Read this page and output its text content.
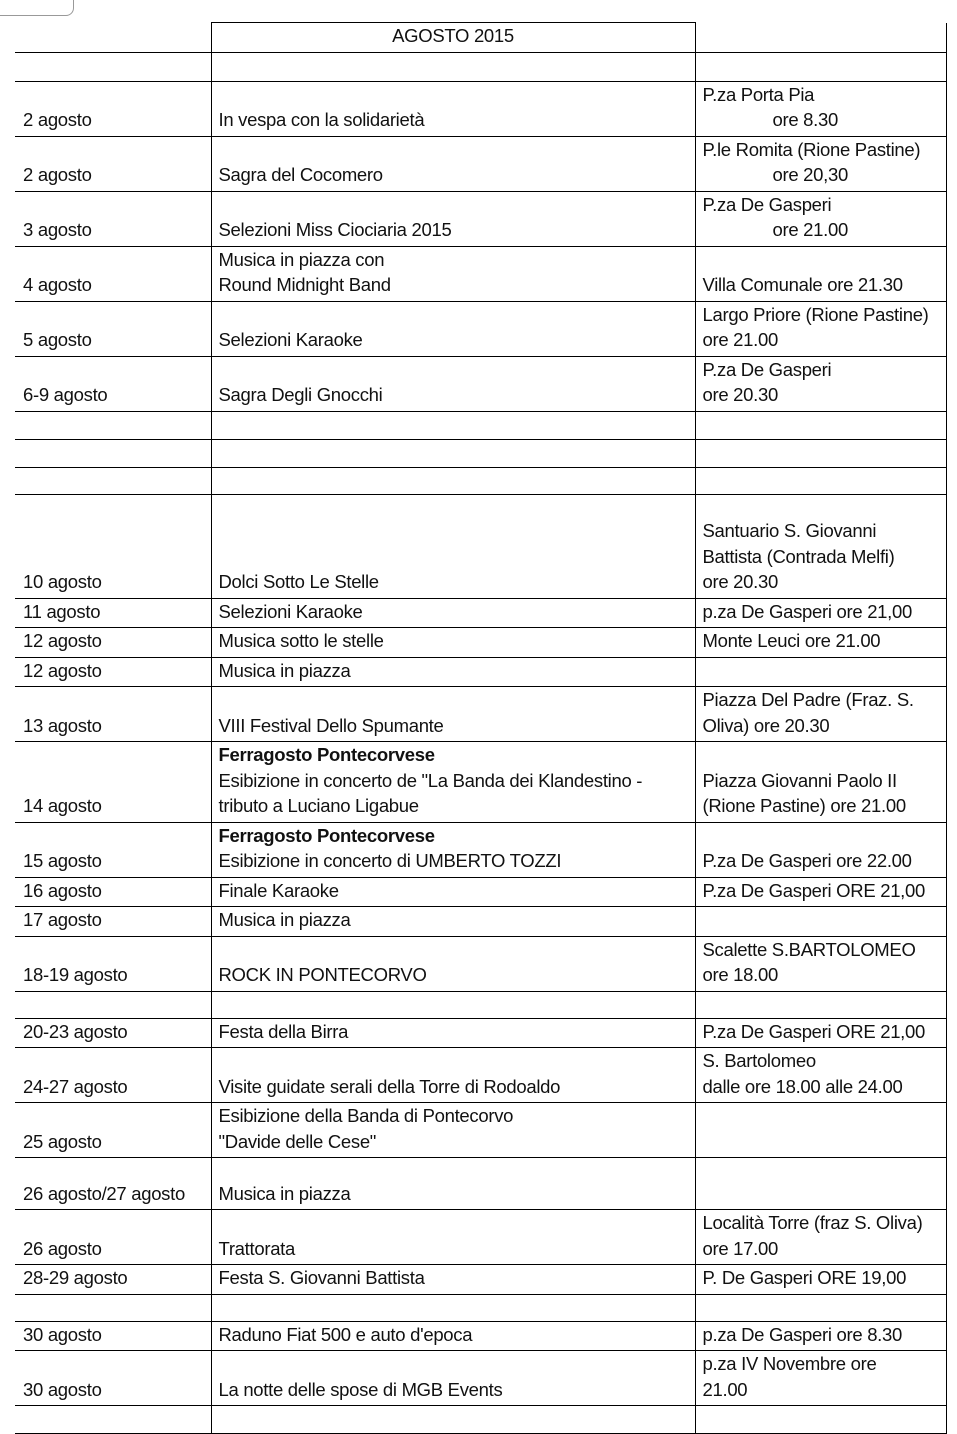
	AGOSTO 2015	

2 agosto	In vespa con la solidarietà	P.za Porta Pia
ore 8.30

2 agosto	Sagra del Cocomero	P.le Romita (Rione Pastine)
ore 20,30

3 agosto	Selezioni Miss Ciociaria 2015	P.za De Gasperi
ore 21.00

4 agosto	Musica in piazza con
Round Midnight Band	Villa Comunale ore 21.30

5 agosto	Selezioni Karaoke	Largo Priore (Rione Pastine)
ore 21.00

6-9 agosto	Sagra Degli Gnocchi	P.za De Gasperi
ore 20.30

10 agosto	Dolci Sotto Le Stelle	Santuario S. Giovanni
Battista (Contrada Melfi)
ore 20.30

11 agosto	Selezioni Karaoke	p.za De Gasperi ore 21,00

12 agosto	Musica sotto le stelle	Monte Leuci ore 21.00

12 agosto	Musica in piazza	

13 agosto	VIII Festival Dello Spumante	Piazza Del Padre (Fraz. S.
Oliva) ore 20.30

14 agosto	Ferragosto Pontecorvese
Esibizione in concerto de "La Banda dei Klandestino -
tributo a Luciano Ligabue	Piazza Giovanni Paolo II
(Rione Pastine) ore 21.00

15 agosto	Ferragosto Pontecorvese
Esibizione in concerto di UMBERTO TOZZI	P.za De Gasperi ore 22.00

16 agosto	Finale Karaoke	P.za De Gasperi ORE 21,00

17 agosto	Musica in piazza	

18-19 agosto	ROCK IN PONTECORVO	Scalette S.BARTOLOMEO
ore 18.00

20-23 agosto	Festa della Birra	P.za De Gasperi ORE 21,00

24-27 agosto	Visite guidate serali della Torre di Rodoaldo	S. Bartolomeo
dalle ore 18.00 alle 24.00

25 agosto	Esibizione della Banda di Pontecorvo
"Davide delle Cese"	

26 agosto/27 agosto	Musica in piazza	

26 agosto	Trattorata	Località Torre (fraz S. Oliva)
ore 17.00

28-29 agosto	Festa S. Giovanni Battista	P. De Gasperi ORE 19,00

30 agosto	Raduno Fiat 500 e auto d'epoca	p.za De Gasperi ore 8.30

30 agosto	La notte delle spose di MGB Events	p.za IV Novembre ore
21.00
